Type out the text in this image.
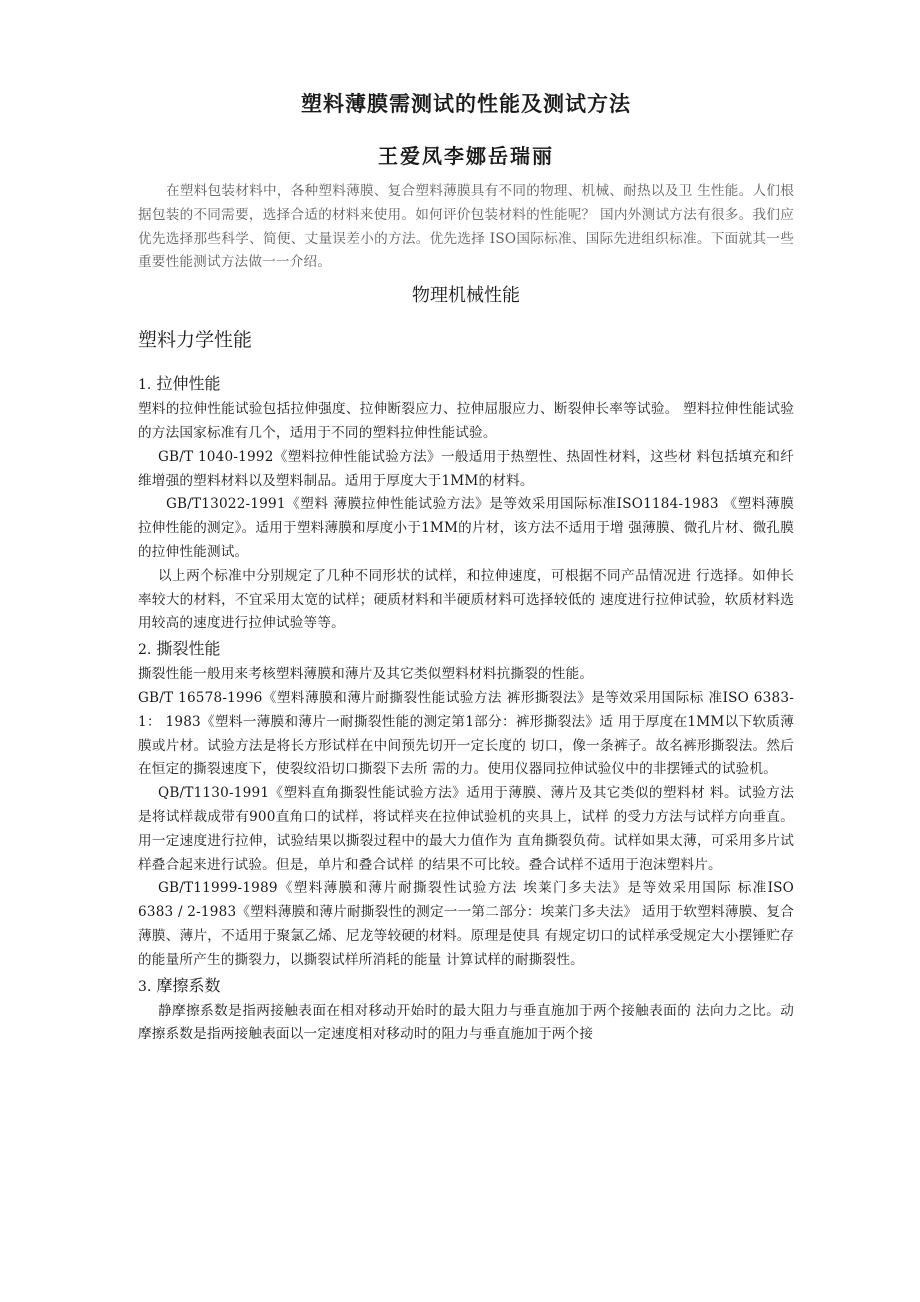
塑料薄膜需测试的性能及测试方法
王爱凤李娜岳瑞丽

在塑料包装材料中，各种塑料薄膜、复合塑料薄膜具有不同的物理、机械、耐热以及卫 生性能。人们根据包装的不同需要，选择合适的材料来使用。如何评价包装材料的性能呢？ 国内外测试方法有很多。我们应优先选择那些科学、简便、丈量误差小的方法。优先选择 ISO国际标准、国际先进组织标准。下面就其一些重要性能测试方法做一一介绍。

物理机械性能
塑料力学性能
1. 拉伸性能

塑料的拉伸性能试验包括拉伸强度、拉伸断裂应力、拉伸屈服应力、断裂伸长率等试验。 塑料拉伸性能试验的方法国家标准有几个，适用于不同的塑料拉伸性能试验。

GB/T 1040-1992《塑料拉伸性能试验方法》一般适用于热塑性、热固性材料，这些材 料包括填充和纤维增强的塑料材料以及塑料制品。适用于厚度大于1MM的材料。

GB/T13022-1991《塑料 薄膜拉伸性能试验方法》是等效采用国际标准ISO1184-1983 《塑料薄膜拉伸性能的测定》。适用于塑料薄膜和厚度小于1MM的片材，该方法不适用于增 强薄膜、微孔片材、微孔膜的拉伸性能测试。

以上两个标准中分别规定了几种不同形状的试样，和拉伸速度，可根据不同产品情况进 行选择。如伸长率较大的材料，不宜采用太宽的试样；硬质材料和半硬质材料可选择较低的 速度进行拉伸试验，软质材料选用较高的速度进行拉伸试验等等。

2. 撕裂性能

撕裂性能一般用来考核塑料薄膜和薄片及其它类似塑料材料抗撕裂的性能。

GB/T 16578-1996《塑料薄膜和薄片耐撕裂性能试验方法 裤形撕裂法》是等效采用国际标 准ISO 6383-1： 1983《塑料一薄膜和薄片一耐撕裂性能的测定第1部分：裤形撕裂法》适 用于厚度在1MM以下软质薄膜或片材。试验方法是将长方形试样在中间预先切开一定长度的 切口，像一条裤子。故名裤形撕裂法。然后在恒定的撕裂速度下，使裂纹沿切口撕裂下去所 需的力。使用仪器同拉伸试验仪中的非摆锤式的试验机。

QB/T1130-1991《塑料直角撕裂性能试验方法》适用于薄膜、薄片及其它类似的塑料材 料。试验方法是将试样裁成带有900直角口的试样，将试样夹在拉伸试验机的夹具上，试样 的受力方法与试样方向垂直。用一定速度进行拉伸，试验结果以撕裂过程中的最大力值作为 直角撕裂负荷。试样如果太薄，可采用多片试样叠合起来进行试验。但是，单片和叠合试样 的结果不可比较。叠合试样不适用于泡沫塑料片。

GB/T11999-1989《塑料薄膜和薄片耐撕裂性试验方法 埃莱门多夫法》是等效采用国际 标准ISO 6383 / 2-1983《塑料薄膜和薄片耐撕裂性的测定一一第二部分：埃莱门多夫法》 适用于软塑料薄膜、复合薄膜、薄片，不适用于聚氯乙烯、尼龙等较硬的材料。原理是使具 有规定切口的试样承受规定大小摆锤贮存的能量所产生的撕裂力，以撕裂试样所消耗的能量 计算试样的耐撕裂性。

3. 摩擦系数

静摩擦系数是指两接触表面在相对移动开始时的最大阻力与垂直施加于两个接触表面的 法向力之比。动摩擦系数是指两接触表面以一定速度相对移动时的阻力与垂直施加于两个接
